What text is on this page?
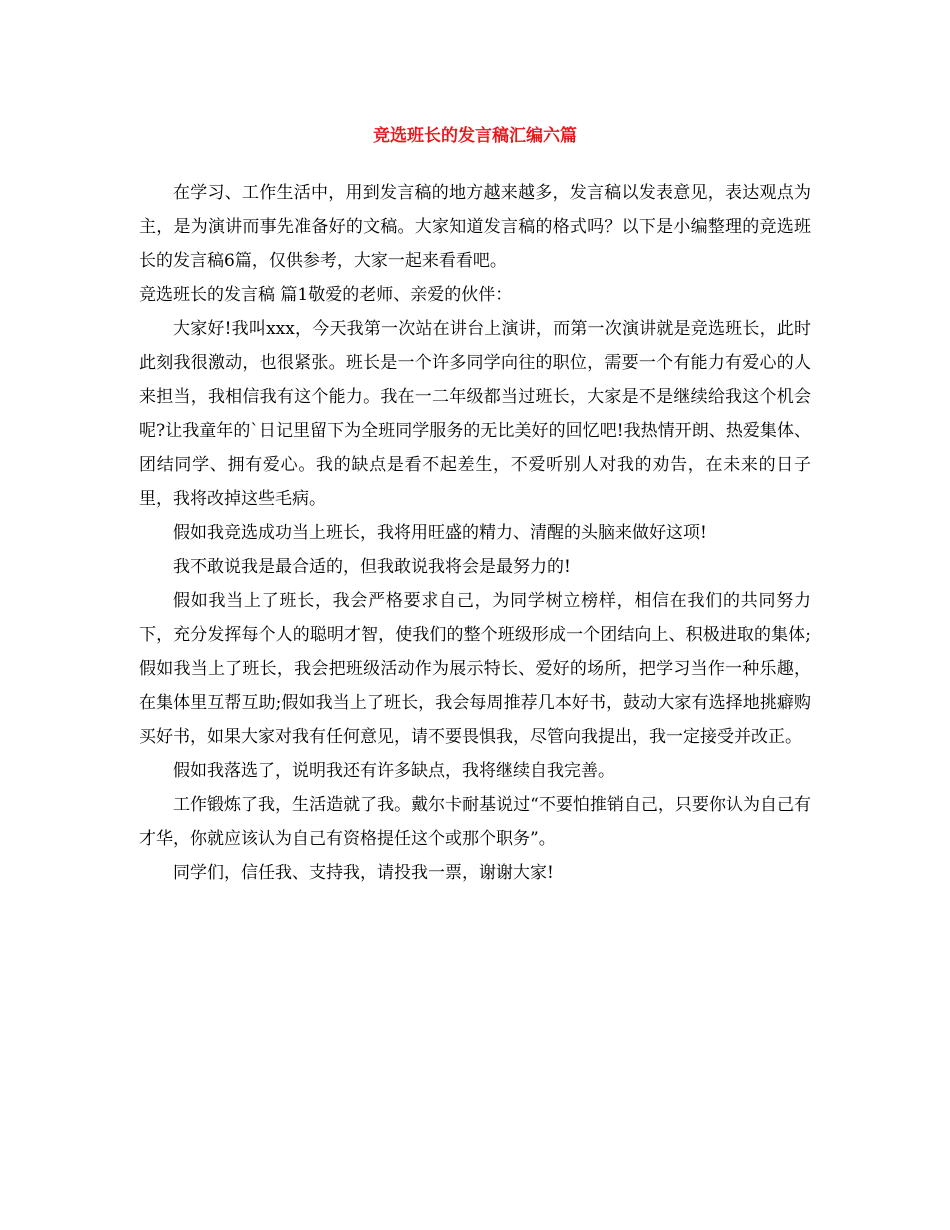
竞选班长的发言稿汇编六篇

在学习、工作生活中，用到发言稿的地方越来越多，发言稿以发表意见，表达观点为主，是为演讲而事先准备好的文稿。大家知道发言稿的格式吗？以下是小编整理的竞选班长的发言稿6篇，仅供参考，大家一起来看看吧。

竞选班长的发言稿 篇1敬爱的老师、亲爱的伙伴：

大家好!我叫xxx，今天我第一次站在讲台上演讲，而第一次演讲就是竞选班长，此时此刻我很激动，也很紧张。班长是一个许多同学向往的职位，需要一个有能力有爱心的人来担当，我相信我有这个能力。我在一二年级都当过班长，大家是不是继续给我这个机会呢?让我童年的`日记里留下为全班同学服务的无比美好的回忆吧!我热情开朗、热爱集体、团结同学、拥有爱心。我的缺点是看不起差生，不爱听别人对我的劝告，在未来的日子里，我将改掉这些毛病。

假如我竞选成功当上班长，我将用旺盛的精力、清醒的头脑来做好这项!

我不敢说我是最合适的，但我敢说我将会是最努力的!

假如我当上了班长，我会严格要求自己，为同学树立榜样，相信在我们的共同努力下，充分发挥每个人的聪明才智，使我们的整个班级形成一个团结向上、积极进取的集体;假如我当上了班长，我会把班级活动作为展示特长、爱好的场所，把学习当作一种乐趣，在集体里互帮互助;假如我当上了班长，我会每周推荐几本好书，鼓动大家有选择地挑癖购买好书，如果大家对我有任何意见，请不要畏惧我，尽管向我提出，我一定接受并改正。

假如我落选了，说明我还有许多缺点，我将继续自我完善。

工作锻炼了我，生活造就了我。戴尔卡耐基说过“不要怕推销自己，只要你认为自己有才华，你就应该认为自己有资格提任这个或那个职务”。

同学们，信任我、支持我，请投我一票，谢谢大家!
